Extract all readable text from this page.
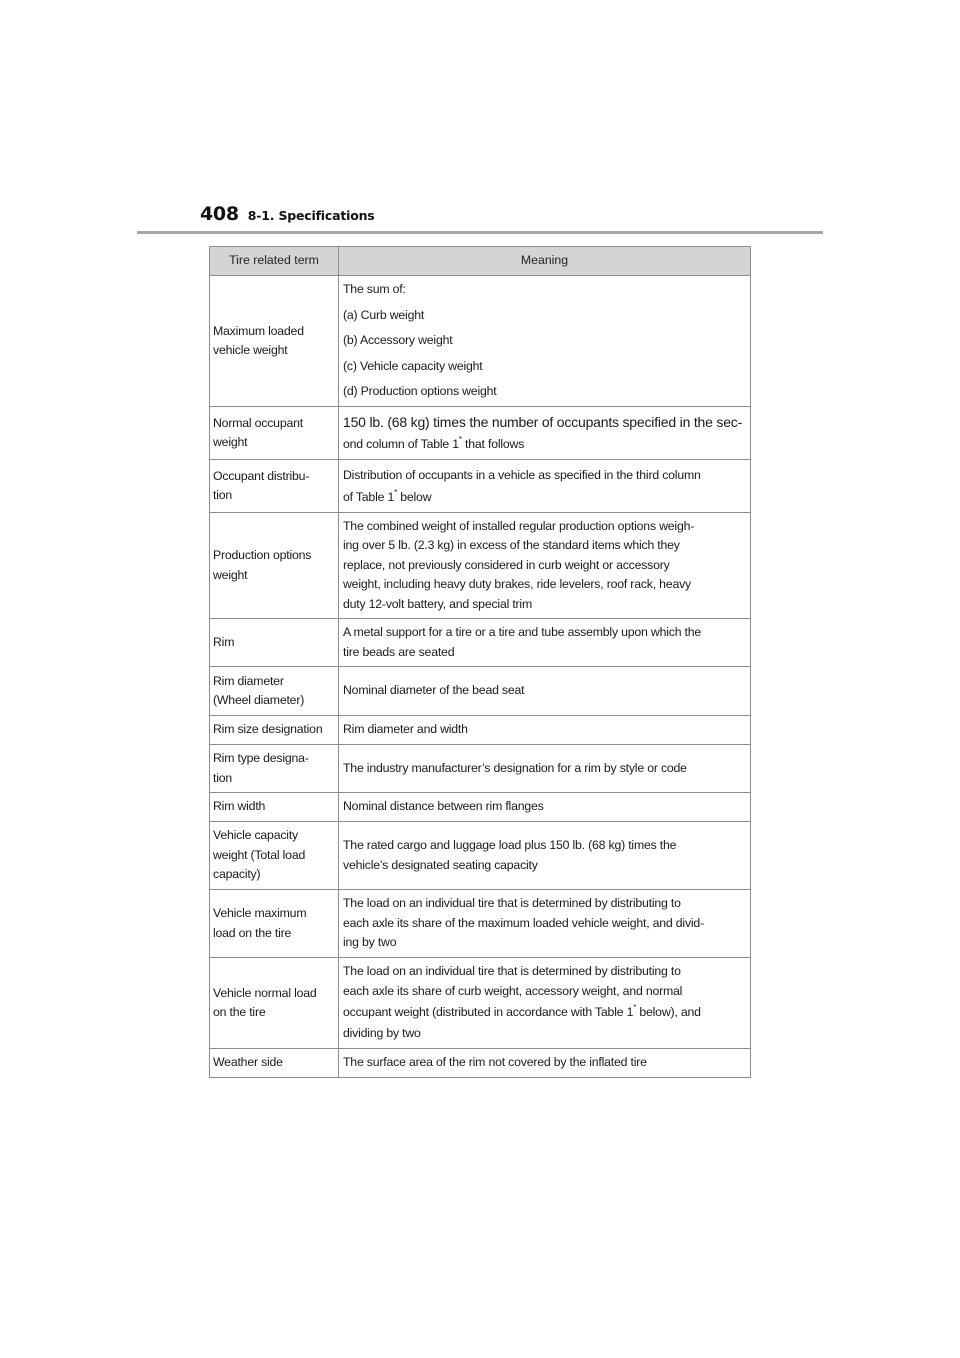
408 8-1. Specifications
Tire related term	Meaning

Maximum loaded
vehicle weight	The sum of:
(a) Curb weight
(b) Accessory weight
(c) Vehicle capacity weight
(d) Production options weight

Normal occupant
weight	150 lb. (68 kg) times the number of occupants specified in the sec-
ond column of Table 1* that follows

Occupant distribu-
tion	Distribution of occupants in a vehicle as specified in the third column
of Table 1* below

Production options
weight	The combined weight of installed regular production options weigh-
ing over 5 lb. (2.3 kg) in excess of the standard items which they
replace, not previously considered in curb weight or accessory
weight, including heavy duty brakes, ride levelers, roof rack, heavy
duty 12-volt battery, and special trim

Rim	A metal support for a tire or a tire and tube assembly upon which the
tire beads are seated

Rim diameter
(Wheel diameter)	Nominal diameter of the bead seat

Rim size designation	Rim diameter and width

Rim type designa-
tion	The industry manufacturer’s designation for a rim by style or code

Rim width	Nominal distance between rim flanges

Vehicle capacity
weight (Total load
capacity)	The rated cargo and luggage load plus 150 lb. (68 kg) times the
vehicle’s designated seating capacity

Vehicle maximum
load on the tire	The load on an individual tire that is determined by distributing to
each axle its share of the maximum loaded vehicle weight, and divid-
ing by two

Vehicle normal load
on the tire	The load on an individual tire that is determined by distributing to
each axle its share of curb weight, accessory weight, and normal
occupant weight (distributed in accordance with Table 1* below), and
dividing by two

Weather side	The surface area of the rim not covered by the inflated tire
